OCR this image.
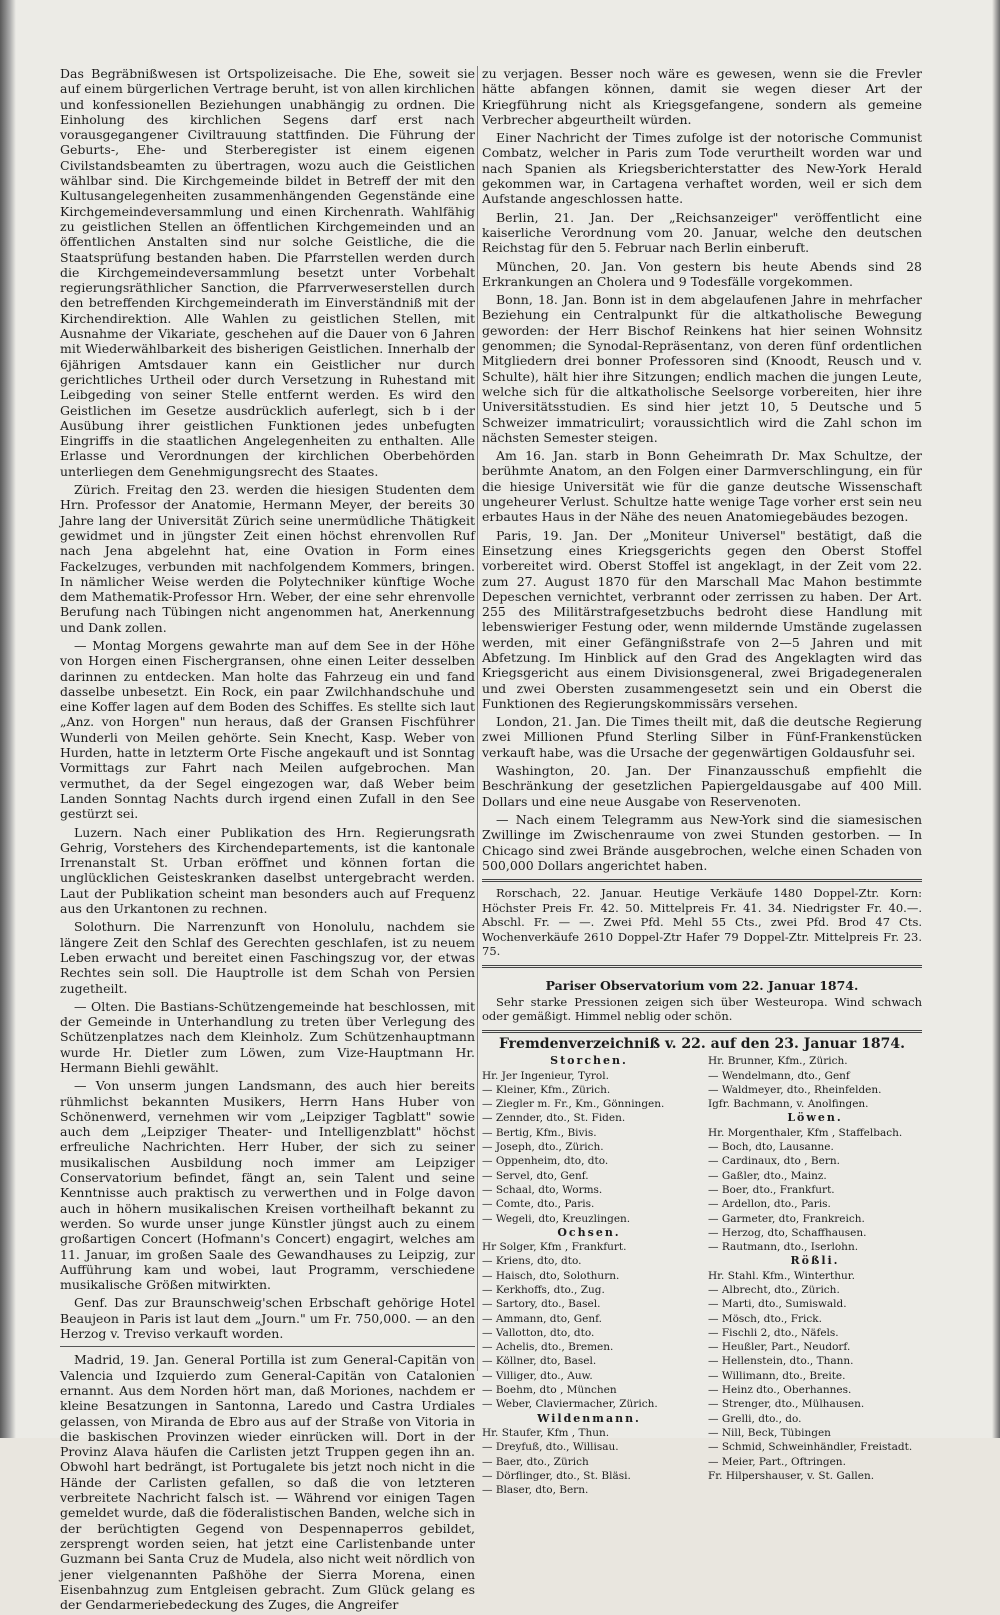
Das Begräbnißwesen ist Ortspolizeisache. Die Ehe, soweit sie auf einem bürgerlichen Vertrage beruht, ist von allen kirchlichen und konfessionellen Beziehungen unabhängig zu ordnen. Die Einholung des kirchlichen Segens darf erst nach vorausgegangener Civiltrauung stattfinden. Die Führung der Geburts-, Ehe- und Sterberegister ist einem eigenen Civilstandsbeamten zu übertragen, wozu auch die Geistlichen wählbar sind. Die Kirchgemeinde bildet in Betreff der mit den Kultusangelegenheiten zusammenhängenden Gegenstände eine Kirchgemeindeversammlung und einen Kirchenrath. Wahlfähig zu geistlichen Stellen an öffentlichen Kirchgemeinden und an öffentlichen Anstalten sind nur solche Geistliche, die die Staatsprüfung bestanden haben. Die Pfarrstellen werden durch die Kirchgemeindeversammlung besetzt unter Vorbehalt regierungsräthlicher Sanction, die Pfarrverweserstellen durch den betreffenden Kirchgemeinderath im Einverständniß mit der Kirchendirektion. Alle Wahlen zu geistlichen Stellen, mit Ausnahme der Vikariate, geschehen auf die Dauer von 6 Jahren mit Wiederwählbarkeit des bisherigen Geistlichen. Innerhalb der 6jährigen Amtsdauer kann ein Geistlicher nur durch gerichtliches Urtheil oder durch Versetzung in Ruhestand mit Leibgeding von seiner Stelle entfernt werden. Es wird den Geistlichen im Gesetze ausdrücklich auferlegt, sich b i der Ausübung ihrer geistlichen Funktionen jedes unbefugten Eingriffs in die staatlichen Angelegenheiten zu enthalten. Alle Erlasse und Verordnungen der kirchlichen Oberbehörden unterliegen dem Genehmigungsrecht des Staates.

Zürich. Freitag den 23. werden die hiesigen Studenten dem Hrn. Professor der Anatomie, Hermann Meyer, der bereits 30 Jahre lang der Universität Zürich seine unermüdliche Thätigkeit gewidmet und in jüngster Zeit einen höchst ehrenvollen Ruf nach Jena abgelehnt hat, eine Ovation in Form eines Fackelzuges, verbunden mit nachfolgendem Kommers, bringen. In nämlicher Weise werden die Polytechniker künftige Woche dem Mathematik-Professor Hrn. Weber, der eine sehr ehrenvolle Berufung nach Tübingen nicht angenommen hat, Anerkennung und Dank zollen.

— Montag Morgens gewahrte man auf dem See in der Höhe von Horgen einen Fischergransen, ohne einen Leiter desselben darinnen zu entdecken. Man holte das Fahrzeug ein und fand dasselbe unbesetzt. Ein Rock, ein paar Zwilchhandschuhe und eine Koffer lagen auf dem Boden des Schiffes. Es stellte sich laut „Anz. von Horgen" nun heraus, daß der Gransen Fischführer Wunderli von Meilen gehörte. Sein Knecht, Kasp. Weber von Hurden, hatte in letzterm Orte Fische angekauft und ist Sonntag Vormittags zur Fahrt nach Meilen aufgebrochen. Man vermuthet, da der Segel eingezogen war, daß Weber beim Landen Sonntag Nachts durch irgend einen Zufall in den See gestürzt sei.

Luzern. Nach einer Publikation des Hrn. Regierungsrath Gehrig, Vorstehers des Kirchendepartements, ist die kantonale Irrenanstalt St. Urban eröffnet und können fortan die unglücklichen Geisteskranken daselbst untergebracht werden. Laut der Publikation scheint man besonders auch auf Frequenz aus den Urkantonen zu rechnen.

Solothurn. Die Narrenzunft von Honolulu, nachdem sie längere Zeit den Schlaf des Gerechten geschlafen, ist zu neuem Leben erwacht und bereitet einen Faschingszug vor, der etwas Rechtes sein soll. Die Hauptrolle ist dem Schah von Persien zugetheilt.

— Olten. Die Bastians-Schützengemeinde hat beschlossen, mit der Gemeinde in Unterhandlung zu treten über Verlegung des Schützenplatzes nach dem Kleinholz. Zum Schützenhauptmann wurde Hr. Dietler zum Löwen, zum Vize-Hauptmann Hr. Hermann Biehli gewählt.

— Von unserm jungen Landsmann, des auch hier bereits rühmlichst bekannten Musikers, Herrn Hans Huber von Schönenwerd, vernehmen wir vom „Leipziger Tagblatt" sowie auch dem „Leipziger Theater- und Intelligenzblatt" höchst erfreuliche Nachrichten. Herr Huber, der sich zu seiner musikalischen Ausbildung noch immer am Leipziger Conservatorium befindet, fängt an, sein Talent und seine Kenntnisse auch praktisch zu verwerthen und in Folge davon auch in höhern musikalischen Kreisen vortheilhaft bekannt zu werden. So wurde unser junge Künstler jüngst auch zu einem großartigen Concert (Hofmann's Concert) engagirt, welches am 11. Januar, im großen Saale des Gewandhauses zu Leipzig, zur Aufführung kam und wobei, laut Programm, verschiedene musikalische Größen mitwirkten.

Genf. Das zur Braunschweig'schen Erbschaft gehörige Hotel Beaujeon in Paris ist laut dem „Journ." um Fr. 750,000. — an den Herzog v. Treviso verkauft worden.

Madrid, 19. Jan. General Portilla ist zum General-Capitän von Valencia und Izquierdo zum General-Capitän von Catalonien ernannt. Aus dem Norden hört man, daß Moriones, nachdem er kleine Besatzungen in Santonna, Laredo und Castra Urdiales gelassen, von Miranda de Ebro aus auf der Straße von Vitoria in die baskischen Provinzen wieder einrücken will. Dort in der Provinz Alava häufen die Carlisten jetzt Truppen gegen ihn an. Obwohl hart bedrängt, ist Portugalete bis jetzt noch nicht in die Hände der Carlisten gefallen, so daß die von letzteren verbreitete Nachricht falsch ist. — Während vor einigen Tagen gemeldet wurde, daß die föderalistischen Banden, welche sich in der berüchtigten Gegend von Despennaperros gebildet, zersprengt worden seien, hat jetzt eine Carlistenbande unter Guzmann bei Santa Cruz de Mudela, also nicht weit nördlich von jener vielgenannten Paßhöhe der Sierra Morena, einen Eisenbahnzug zum Entgleisen gebracht. Zum Glück gelang es der Gendarmeriebedeckung des Zuges, die Angreifer

zu verjagen. Besser noch wäre es gewesen, wenn sie die Frevler hätte abfangen können, damit sie wegen dieser Art der Kriegführung nicht als Kriegsgefangene, sondern als gemeine Verbrecher abgeurtheilt würden.

Einer Nachricht der Times zufolge ist der notorische Communist Combatz, welcher in Paris zum Tode verurtheilt worden war und nach Spanien als Kriegsberichterstatter des New-York Herald gekommen war, in Cartagena verhaftet worden, weil er sich dem Aufstande angeschlossen hatte.

Berlin, 21. Jan. Der „Reichsanzeiger" veröffentlicht eine kaiserliche Verordnung vom 20. Januar, welche den deutschen Reichstag für den 5. Februar nach Berlin einberuft.

München, 20. Jan. Von gestern bis heute Abends sind 28 Erkrankungen an Cholera und 9 Todesfälle vorgekommen.

Bonn, 18. Jan. Bonn ist in dem abgelaufenen Jahre in mehrfacher Beziehung ein Centralpunkt für die altkatholische Bewegung geworden: der Herr Bischof Reinkens hat hier seinen Wohnsitz genommen; die Synodal-Repräsentanz, von deren fünf ordentlichen Mitgliedern drei bonner Professoren sind (Knoodt, Reusch und v. Schulte), hält hier ihre Sitzungen; endlich machen die jungen Leute, welche sich für die altkatholische Seelsorge vorbereiten, hier ihre Universitätsstudien. Es sind hier jetzt 10, 5 Deutsche und 5 Schweizer immatriculirt; voraussichtlich wird die Zahl schon im nächsten Semester steigen.

Am 16. Jan. starb in Bonn Geheimrath Dr. Max Schultze, der berühmte Anatom, an den Folgen einer Darmverschlingung, ein für die hiesige Universität wie für die ganze deutsche Wissenschaft ungeheurer Verlust. Schultze hatte wenige Tage vorher erst sein neu erbautes Haus in der Nähe des neuen Anatomiegebäudes bezogen.

Paris, 19. Jan. Der „Moniteur Universel" bestätigt, daß die Einsetzung eines Kriegsgerichts gegen den Oberst Stoffel vorbereitet wird. Oberst Stoffel ist angeklagt, in der Zeit vom 22. zum 27. August 1870 für den Marschall Mac Mahon bestimmte Depeschen vernichtet, verbrannt oder zerrissen zu haben. Der Art. 255 des Militärstrafgesetzbuchs bedroht diese Handlung mit lebenswieriger Festung oder, wenn mildernde Umstände zugelassen werden, mit einer Gefängnißstrafe von 2—5 Jahren und mit Abfetzung. Im Hinblick auf den Grad des Angeklagten wird das Kriegsgericht aus einem Divisionsgeneral, zwei Brigadegeneralen und zwei Obersten zusammengesetzt sein und ein Oberst die Funktionen des Regierungskommissärs versehen.

London, 21. Jan. Die Times theilt mit, daß die deutsche Regierung zwei Millionen Pfund Sterling Silber in Fünf-Frankenstücken verkauft habe, was die Ursache der gegenwärtigen Goldausfuhr sei.

Washington, 20. Jan. Der Finanzausschuß empfiehlt die Beschränkung der gesetzlichen Papiergeldausgabe auf 400 Mill. Dollars und eine neue Ausgabe von Reservenoten.

— Nach einem Telegramm aus New-York sind die siamesischen Zwillinge im Zwischenraume von zwei Stunden gestorben. — In Chicago sind zwei Brände ausgebrochen, welche einen Schaden von 500,000 Dollars angerichtet haben.

Rorschach, 22. Januar. Heutige Verkäufe 1480 Doppel-Ztr. Korn: Höchster Preis Fr. 42. 50. Mittelpreis Fr. 41. 34. Niedrigster Fr. 40.—. Abschl. Fr. — —. Zwei Pfd. Mehl 55 Cts., zwei Pfd. Brod 47 Cts. Wochenverkäufe 2610 Doppel-Ztr Hafer 79 Doppel-Ztr. Mittelpreis Fr. 23. 75.

Pariser Observatorium vom 22. Januar 1874.

Sehr starke Pressionen zeigen sich über Westeuropa. Wind schwach oder gemäßigt. Himmel neblig oder schön.

Fremdenverzeichniß v. 22. auf den 23. Januar 1874.
Storchen.
Hr. Jer Ingenieur, Tyrol.
— Kleiner, Kfm., Zürich.
— Ziegler m. Fr., Km., Gönningen.
— Zennder, dto., St. Fiden.
— Bertig, Kfm., Bivis.
— Joseph, dto., Zürich.
— Oppenheim, dto, dto.
— Servel, dto, Genf.
— Schaal, dto, Worms.
— Comte, dto., Paris.
— Wegeli, dto, Kreuzlingen.
Ochsen.
Hr Solger, Kfm , Frankfurt.
— Kriens, dto, dto.
— Haisch, dto, Solothurn.
— Kerkhoffs, dto., Zug.
— Sartory, dto., Basel.
— Ammann, dto, Genf.
— Vallotton, dto, dto.
— Achelis, dto., Bremen.
— Köllner, dto, Basel.
— Villiger, dto., Auw.
— Boehm, dto , München
— Weber, Claviermacher, Zürich.
Wildenmann.
Hr. Staufer, Kfm , Thun.
— Dreyfuß, dto., Willisau.
— Baer, dto., Zürich
— Dörflinger, dto., St. Bläsi.
— Blaser, dto, Bern.
Hr. Brunner, Kfm., Zürich.
— Wendelmann, dto., Genf
— Waldmeyer, dto., Rheinfelden.
Igfr. Bachmann, v. Anolfingen.
Löwen.
Hr. Morgenthaler, Kfm , Staffelbach.
— Boch, dto, Lausanne.
— Cardinaux, dto , Bern.
— Gaßler, dto., Mainz.
— Boer, dto., Frankfurt.
— Ardellon, dto., Paris.
— Garmeter, dto, Frankreich.
— Herzog, dto, Schaffhausen.
— Rautmann, dto., Iserlohn.
Rößli.
Hr. Stahl. Kfm., Winterthur.
— Albrecht, dto., Zürich.
— Marti, dto., Sumiswald.
— Mösch, dto., Frick.
— Fischli 2, dto., Näfels.
— Heußler, Part., Neudorf.
— Hellenstein, dto., Thann.
— Willimann, dto., Breite.
— Heinz dto., Oberhannes.
— Strenger, dto., Mülhausen.
— Grelli, dto., do.
— Nill, Beck, Tübingen
— Schmid, Schweinhändler, Freistadt.
— Meier, Part., Oftringen.
Fr. Hilpershauser, v. St. Gallen.
